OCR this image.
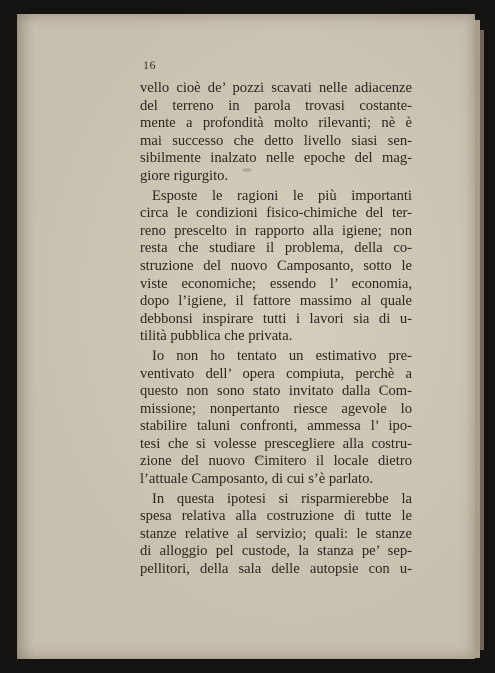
16
vello cioè de’ pozzi scavati nelle adiacenze
del terreno in parola trovasi costante-
mente a profondità molto rilevanti; nè è
mai successo che detto livello siasi sen-
sibilmente inalzato nelle epoche del mag-
giore rigurgito.
Esposte le ragioni le più importanti
circa le condizioni fisico-chimiche del ter-
reno prescelto in rapporto alla igiene; non
resta che studiare il problema, della co-
struzione del nuovo Camposanto, sotto le
viste economiche; essendo l’ economia,
dopo l’igiene, il fattore massimo al quale
debbonsi inspirare tutti i lavori sia di u-
tilità pubblica che privata.
Io non ho tentato un estimativo pre-
ventivato dell’ opera compiuta, perchè a
questo non sono stato invitato dalla Com-
missione; nonpertanto riesce agevole lo
stabilire taluni confronti, ammessa l’ ipo-
tesi che si volesse prescegliere alla costru-
zione del nuovo Cimitero il locale dietro
l’attuale Camposanto, di cui s’è parlato.
In questa ipotesi si risparmierebbe la
spesa relativa alla costruzione di tutte le
stanze relative al servizio; quali: le stanze
di alloggio pel custode, la stanza pe’ sep-
pellitori, della sala delle autopsie con u-
